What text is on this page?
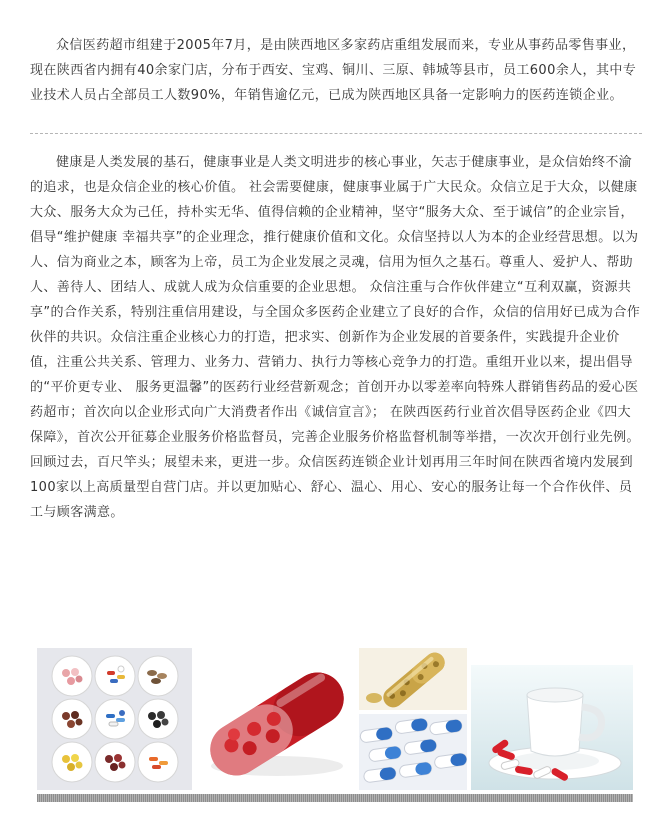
众信医药超市组建于2005年7月，是由陕西地区多家药店重组发展而来，专业从事药品零售事业，现在陕西省内拥有40余家门店，分布于西安、宝鸡、铜川、三原、韩城等县市，员工600余人，其中专业技术人员占全部员工人数90%，年销售逾亿元，已成为陕西地区具备一定影响力的医药连锁企业。

健康是人类发展的基石，健康事业是人类文明进步的核心事业，矢志于健康事业，是众信始终不渝的追求，也是众信企业的核心价值。 社会需要健康，健康事业属于广大民众。众信立足于大众，以健康大众、服务大众为己任，持朴实无华、值得信赖的企业精神，坚守“服务大众、至于诚信”的企业宗旨，倡导“维护健康 幸福共享”的企业理念，推行健康价值和文化。众信坚持以人为本的企业经营思想。以为人、信为商业之本，顾客为上帝，员工为企业发展之灵魂，信用为恒久之基石。尊重人、爱护人、帮助人、善待人、团结人、成就人成为众信重要的企业思想。 众信注重与合作伙伴建立“互利双赢，资源共享”的合作关系，特别注重信用建设，与全国众多医药企业建立了良好的合作，众信的信用好已成为合作伙伴的共识。众信注重企业核心力的打造，把求实、创新作为企业发展的首要条件，实践提升企业价值，注重公共关系、管理力、业务力、营销力、执行力等核心竞争力的打造。重组开业以来，提出倡导的“平价更专业、 服务更温馨”的医药行业经营新观念；首创开办以零差率向特殊人群销售药品的爱心医药超市；首次向以企业形式向广大消费者作出《诚信宣言》； 在陕西医药行业首次倡导医药企业《四大保障》，首次公开征募企业服务价格监督员，完善企业服务价格监督机制等举措，一次次开创行业先例。回顾过去，百尺竿头；展望未来，更进一步。众信医药连锁企业计划再用三年时间在陕西省境内发展到100家以上高质量型自营门店。并以更加贴心、舒心、温心、用心、安心的服务让每一个合作伙伴、员工与顾客满意。
